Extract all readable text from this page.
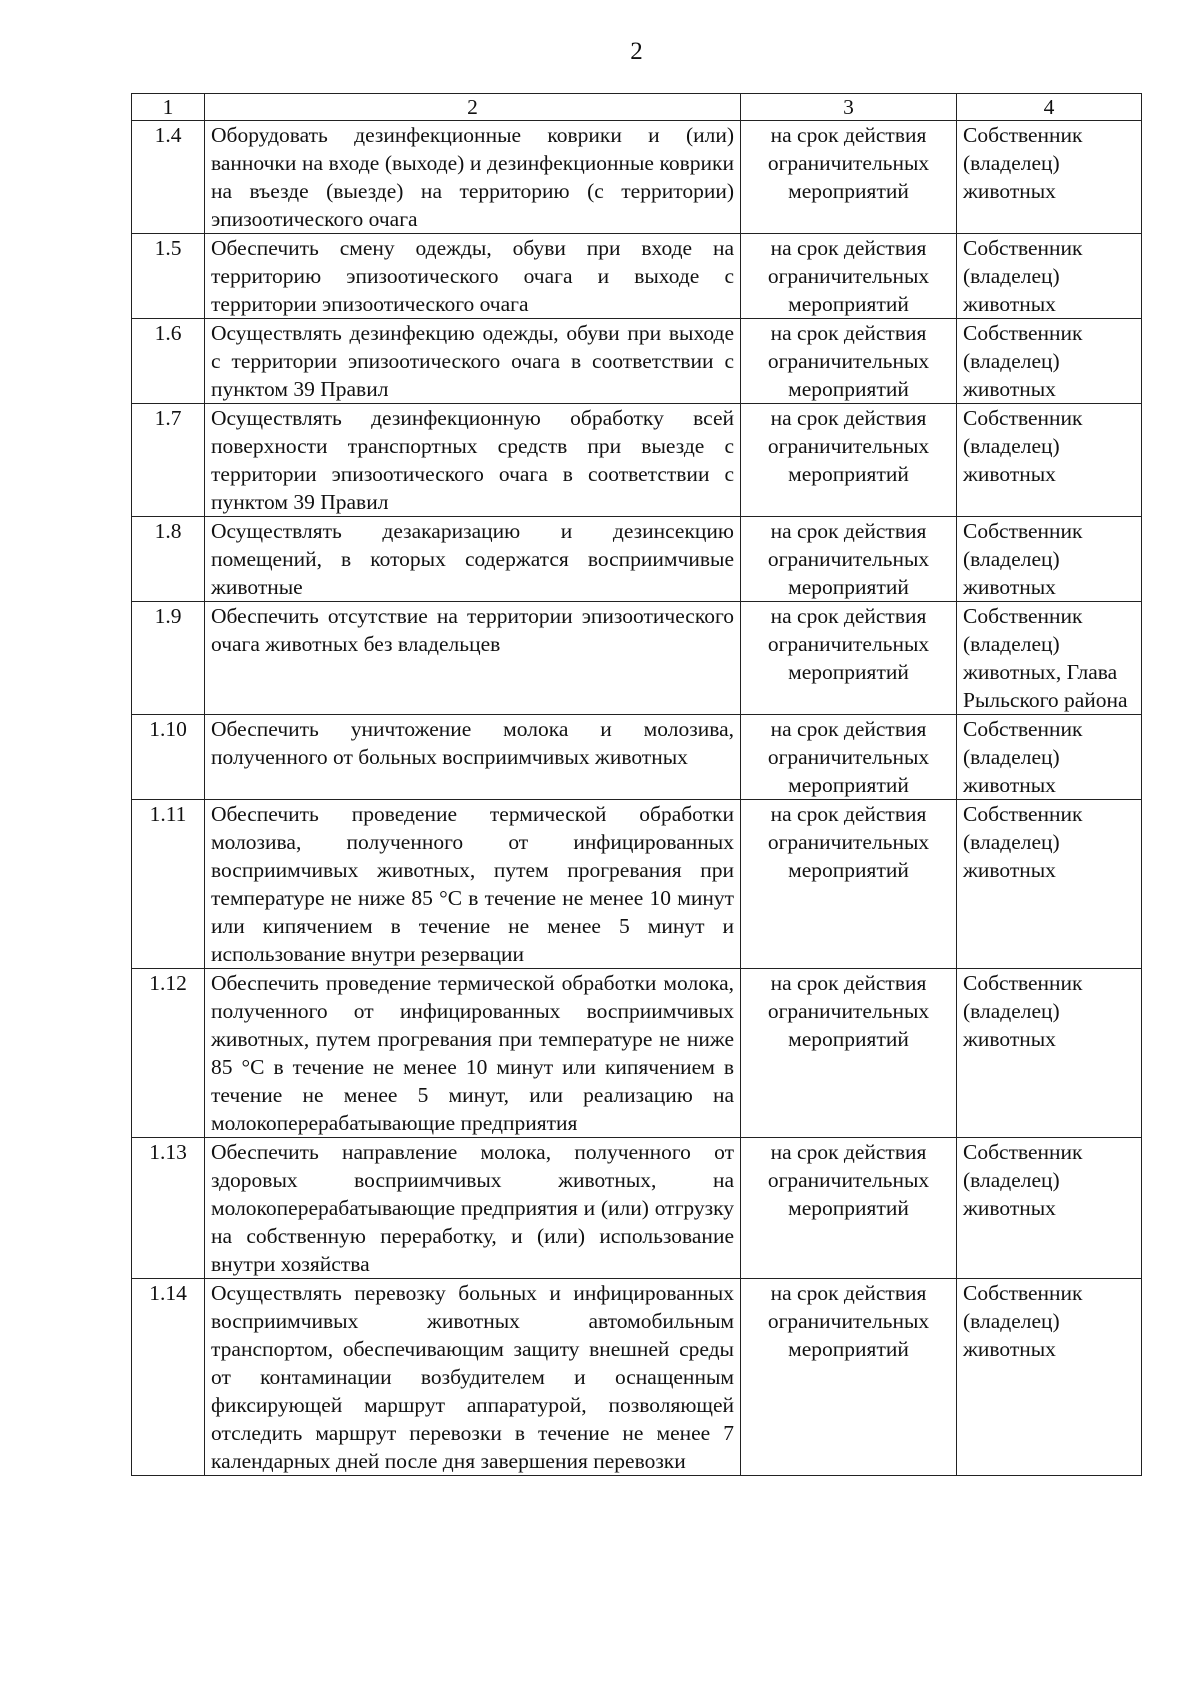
2
1	2	3	4
1.4	Оборудовать дезинфекционные коврики и (или) ванночки на входе (выходе) и дезинфекционные коврики на въезде (выезде) на территорию (с территории) эпизоотического очага	на срок действия ограничительных мероприятий	Собственник (владелец) животных
1.5	Обеспечить смену одежды, обуви при входе на территорию эпизоотического очага и выходе с территории эпизоотического очага	на срок действия ограничительных мероприятий	Собственник (владелец) животных
1.6	Осуществлять дезинфекцию одежды, обуви при выходе с территории эпизоотического очага в соответствии с пунктом 39 Правил	на срок действия ограничительных мероприятий	Собственник (владелец) животных
1.7	Осуществлять дезинфекционную обработку всей поверхности транспортных средств при выезде с территории эпизоотического очага в соответствии с пунктом 39 Правил	на срок действия ограничительных мероприятий	Собственник (владелец) животных
1.8	Осуществлять дезакаризацию и дезинсекцию помещений, в которых содержатся восприимчивые животные	на срок действия ограничительных мероприятий	Собственник (владелец) животных
1.9	Обеспечить отсутствие на территории эпизоотического очага животных без владельцев	на срок действия ограничительных мероприятий	Собственник (владелец) животных, Глава Рыльского района
1.10	Обеспечить уничтожение молока и молозива, полученного от больных восприимчивых животных	на срок действия ограничительных мероприятий	Собственник (владелец) животных
1.11	Обеспечить проведение термической обработки молозива, полученного от инфицированных восприимчивых животных, путем прогревания при температуре не ниже 85 °С в течение не менее 10 минут или кипячением в течение не менее 5 минут и использование внутри резервации	на срок действия ограничительных мероприятий	Собственник (владелец) животных
1.12	Обеспечить проведение термической обработки молока, полученного от инфицированных восприимчивых животных, путем прогревания при температуре не ниже 85 °С в течение не менее 10 минут или кипячением в течение не менее 5 минут, или реализацию на молокоперерабатывающие предприятия	на срок действия ограничительных мероприятий	Собственник (владелец) животных
1.13	Обеспечить направление молока, полученного от здоровых восприимчивых животных, на молокоперерабатывающие предприятия и (или) отгрузку на собственную переработку, и (или) использование внутри хозяйства	на срок действия ограничительных мероприятий	Собственник (владелец) животных
1.14	Осуществлять перевозку больных и инфицированных восприимчивых животных автомобильным транспортом, обеспечивающим защиту внешней среды от контаминации возбудителем и оснащенным фиксирующей маршрут аппаратурой, позволяющей отследить маршрут перевозки в течение не менее 7 календарных дней после дня завершения перевозки	на срок действия ограничительных мероприятий	Собственник (владелец) животных
